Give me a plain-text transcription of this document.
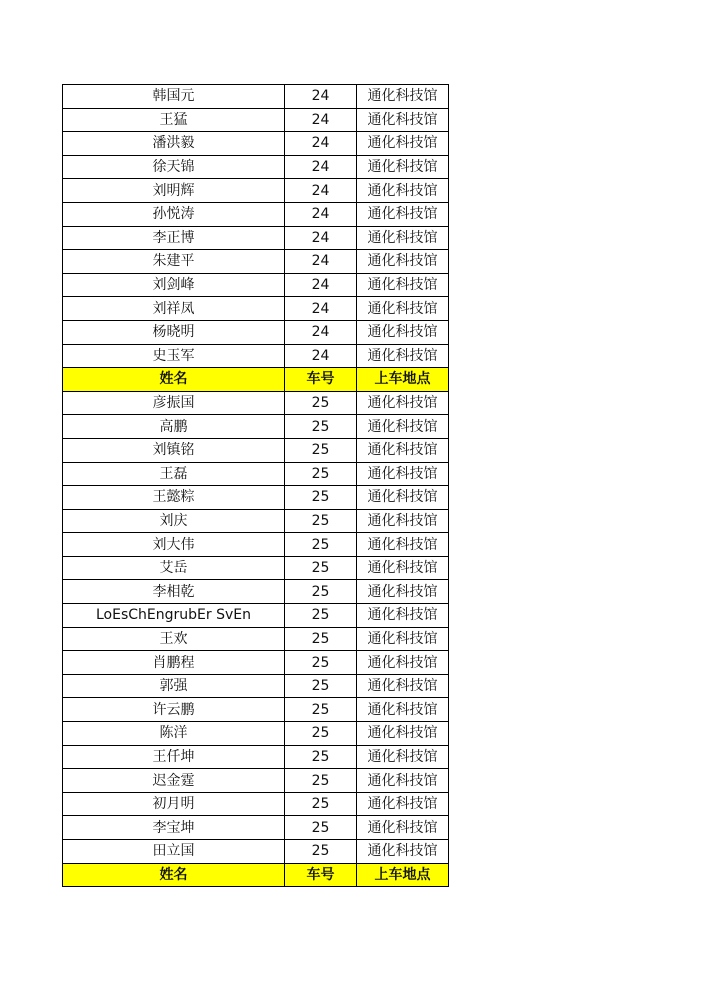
韩国元	24	通化科技馆
王猛	24	通化科技馆
潘洪毅	24	通化科技馆
徐天锦	24	通化科技馆
刘明辉	24	通化科技馆
孙悦涛	24	通化科技馆
李正博	24	通化科技馆
朱建平	24	通化科技馆
刘剑峰	24	通化科技馆
刘祥凤	24	通化科技馆
杨晓明	24	通化科技馆
史玉军	24	通化科技馆
姓名	车号	上车地点
彦振国	25	通化科技馆
高鹏	25	通化科技馆
刘镇铭	25	通化科技馆
王磊	25	通化科技馆
王懿粽	25	通化科技馆
刘庆	25	通化科技馆
刘大伟	25	通化科技馆
艾岳	25	通化科技馆
李相乾	25	通化科技馆
LoEsChEngrubEr SvEn	25	通化科技馆
王欢	25	通化科技馆
肖鹏程	25	通化科技馆
郭强	25	通化科技馆
许云鹏	25	通化科技馆
陈洋	25	通化科技馆
王仟坤	25	通化科技馆
迟金霆	25	通化科技馆
初月明	25	通化科技馆
李宝坤	25	通化科技馆
田立国	25	通化科技馆
姓名	车号	上车地点
